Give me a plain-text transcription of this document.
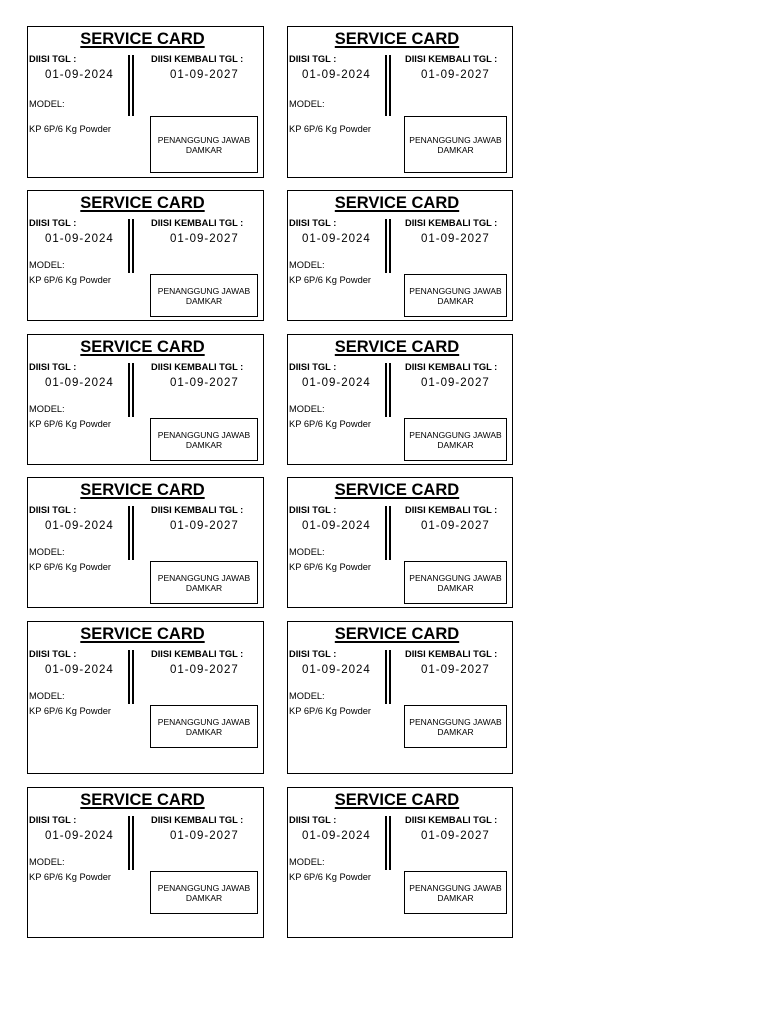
SERVICE CARD
DIISI TGL :
01-09-2024
DIISI KEMBALI TGL :
01-09-2027
MODEL:
KP 6P/6 Kg Powder
PENANGGUNG JAWAB
DAMKAR
SERVICE CARD
DIISI TGL :
01-09-2024
DIISI KEMBALI TGL :
01-09-2027
MODEL:
KP 6P/6 Kg Powder
PENANGGUNG JAWAB
DAMKAR
SERVICE CARD
DIISI TGL :
01-09-2024
DIISI KEMBALI TGL :
01-09-2027
MODEL:
KP 6P/6 Kg Powder
PENANGGUNG JAWAB
DAMKAR
SERVICE CARD
DIISI TGL :
01-09-2024
DIISI KEMBALI TGL :
01-09-2027
MODEL:
KP 6P/6 Kg Powder
PENANGGUNG JAWAB
DAMKAR
SERVICE CARD
DIISI TGL :
01-09-2024
DIISI KEMBALI TGL :
01-09-2027
MODEL:
KP 6P/6 Kg Powder
PENANGGUNG JAWAB
DAMKAR
SERVICE CARD
DIISI TGL :
01-09-2024
DIISI KEMBALI TGL :
01-09-2027
MODEL:
KP 6P/6 Kg Powder
PENANGGUNG JAWAB
DAMKAR
SERVICE CARD
DIISI TGL :
01-09-2024
DIISI KEMBALI TGL :
01-09-2027
MODEL:
KP 6P/6 Kg Powder
PENANGGUNG JAWAB
DAMKAR
SERVICE CARD
DIISI TGL :
01-09-2024
DIISI KEMBALI TGL :
01-09-2027
MODEL:
KP 6P/6 Kg Powder
PENANGGUNG JAWAB
DAMKAR
SERVICE CARD
DIISI TGL :
01-09-2024
DIISI KEMBALI TGL :
01-09-2027
MODEL:
KP 6P/6 Kg Powder
PENANGGUNG JAWAB
DAMKAR
SERVICE CARD
DIISI TGL :
01-09-2024
DIISI KEMBALI TGL :
01-09-2027
MODEL:
KP 6P/6 Kg Powder
PENANGGUNG JAWAB
DAMKAR
SERVICE CARD
DIISI TGL :
01-09-2024
DIISI KEMBALI TGL :
01-09-2027
MODEL:
KP 6P/6 Kg Powder
PENANGGUNG JAWAB
DAMKAR
SERVICE CARD
DIISI TGL :
01-09-2024
DIISI KEMBALI TGL :
01-09-2027
MODEL:
KP 6P/6 Kg Powder
PENANGGUNG JAWAB
DAMKAR
